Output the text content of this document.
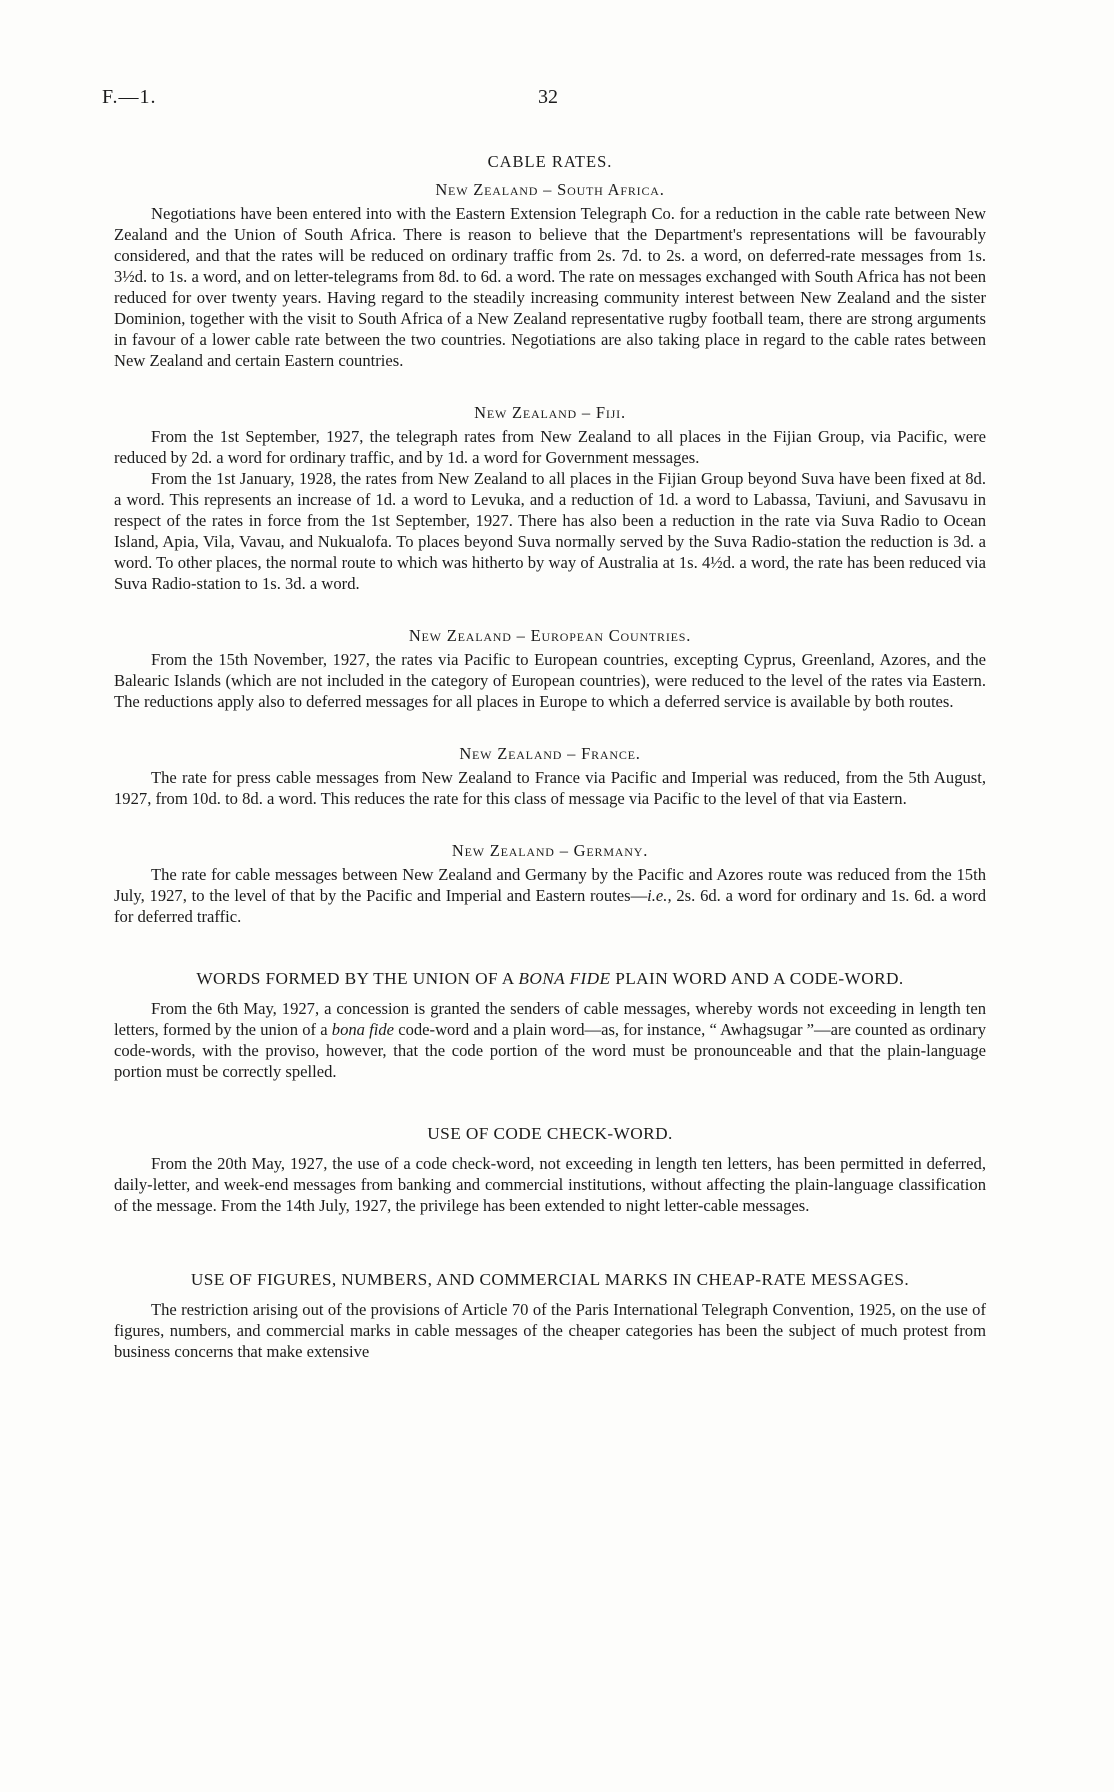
F.—1.	32
CABLE RATES.
New Zealand – South Africa.

Negotiations have been entered into with the Eastern Extension Telegraph Co. for a reduction in the cable rate between New Zealand and the Union of South Africa. There is reason to believe that the Department's representations will be favourably considered, and that the rates will be reduced on ordinary traffic from 2s. 7d. to 2s. a word, on deferred-rate messages from 1s. 3½d. to 1s. a word, and on letter-telegrams from 8d. to 6d. a word. The rate on messages exchanged with South Africa has not been reduced for over twenty years. Having regard to the steadily increasing community interest between New Zealand and the sister Dominion, together with the visit to South Africa of a New Zealand representative rugby football team, there are strong arguments in favour of a lower cable rate between the two countries. Negotiations are also taking place in regard to the cable rates between New Zealand and certain Eastern countries.

New Zealand – Fiji.

From the 1st September, 1927, the telegraph rates from New Zealand to all places in the Fijian Group, via Pacific, were reduced by 2d. a word for ordinary traffic, and by 1d. a word for Government messages.

From the 1st January, 1928, the rates from New Zealand to all places in the Fijian Group beyond Suva have been fixed at 8d. a word. This represents an increase of 1d. a word to Levuka, and a reduction of 1d. a word to Labassa, Taviuni, and Savusavu in respect of the rates in force from the 1st September, 1927. There has also been a reduction in the rate via Suva Radio to Ocean Island, Apia, Vila, Vavau, and Nukualofa. To places beyond Suva normally served by the Suva Radio-station the reduction is 3d. a word. To other places, the normal route to which was hitherto by way of Australia at 1s. 4½d. a word, the rate has been reduced via Suva Radio-station to 1s. 3d. a word.

New Zealand – European Countries.

From the 15th November, 1927, the rates via Pacific to European countries, excepting Cyprus, Greenland, Azores, and the Balearic Islands (which are not included in the category of European countries), were reduced to the level of the rates via Eastern. The reductions apply also to deferred messages for all places in Europe to which a deferred service is available by both routes.

New Zealand – France.

The rate for press cable messages from New Zealand to France via Pacific and Imperial was reduced, from the 5th August, 1927, from 10d. to 8d. a word. This reduces the rate for this class of message via Pacific to the level of that via Eastern.

New Zealand – Germany.

The rate for cable messages between New Zealand and Germany by the Pacific and Azores route was reduced from the 15th July, 1927, to the level of that by the Pacific and Imperial and Eastern routes—i.e., 2s. 6d. a word for ordinary and 1s. 6d. a word for deferred traffic.

WORDS FORMED BY THE UNION OF A BONA FIDE PLAIN WORD AND A CODE-WORD.

From the 6th May, 1927, a concession is granted the senders of cable messages, whereby words not exceeding in length ten letters, formed by the union of a bona fide code-word and a plain word—as, for instance, “ Awhagsugar ”—are counted as ordinary code-words, with the proviso, however, that the code portion of the word must be pronounceable and that the plain-language portion must be correctly spelled.

USE OF CODE CHECK-WORD.

From the 20th May, 1927, the use of a code check-word, not exceeding in length ten letters, has been permitted in deferred, daily-letter, and week-end messages from banking and commercial institutions, without affecting the plain-language classification of the message. From the 14th July, 1927, the privilege has been extended to night letter-cable messages.

USE OF FIGURES, NUMBERS, AND COMMERCIAL MARKS IN CHEAP-RATE MESSAGES.

The restriction arising out of the provisions of Article 70 of the Paris International Telegraph Convention, 1925, on the use of figures, numbers, and commercial marks in cable messages of the cheaper categories has been the subject of much protest from business concerns that make extensive
